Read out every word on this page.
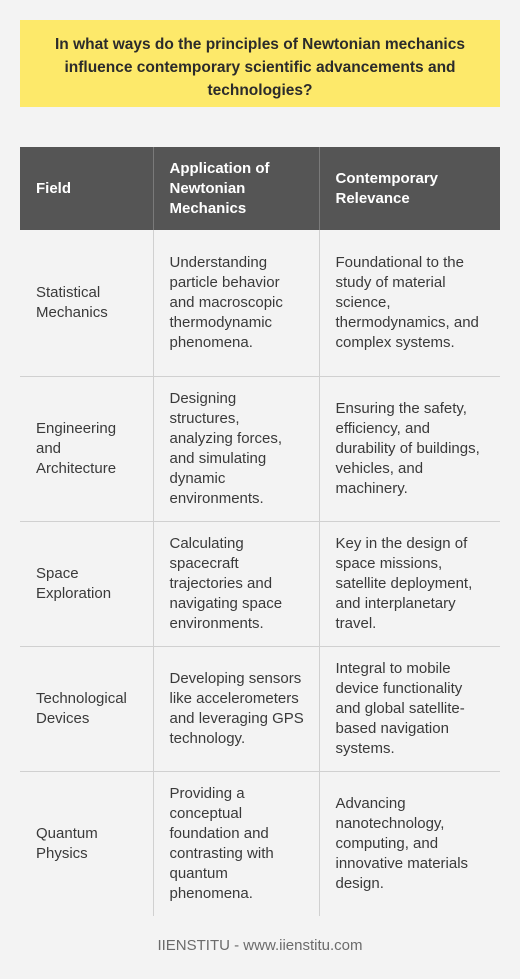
In what ways do the principles of Newtonian mechanics influence contemporary scientific advancements and technologies?
Field	Application of Newtonian Mechanics	Contemporary Relevance
Statistical Mechanics	Understanding particle behavior and macroscopic thermodynamic phenomena.	Foundational to the study of material science, thermodynamics, and complex systems.
Engineering and Architecture	Designing structures, analyzing forces, and simulating dynamic environments.	Ensuring the safety, efficiency, and durability of buildings, vehicles, and machinery.
Space Exploration	Calculating spacecraft trajectories and navigating space environments.	Key in the design of space missions, satellite deployment, and interplanetary travel.
Technological Devices	Developing sensors like accelerometers and leveraging GPS technology.	Integral to mobile device functionality and global satellite-based navigation systems.
Quantum Physics	Providing a conceptual foundation and contrasting with quantum phenomena.	Advancing nanotechnology, computing, and innovative materials design.
IIENSTITU - www.iienstitu.com
